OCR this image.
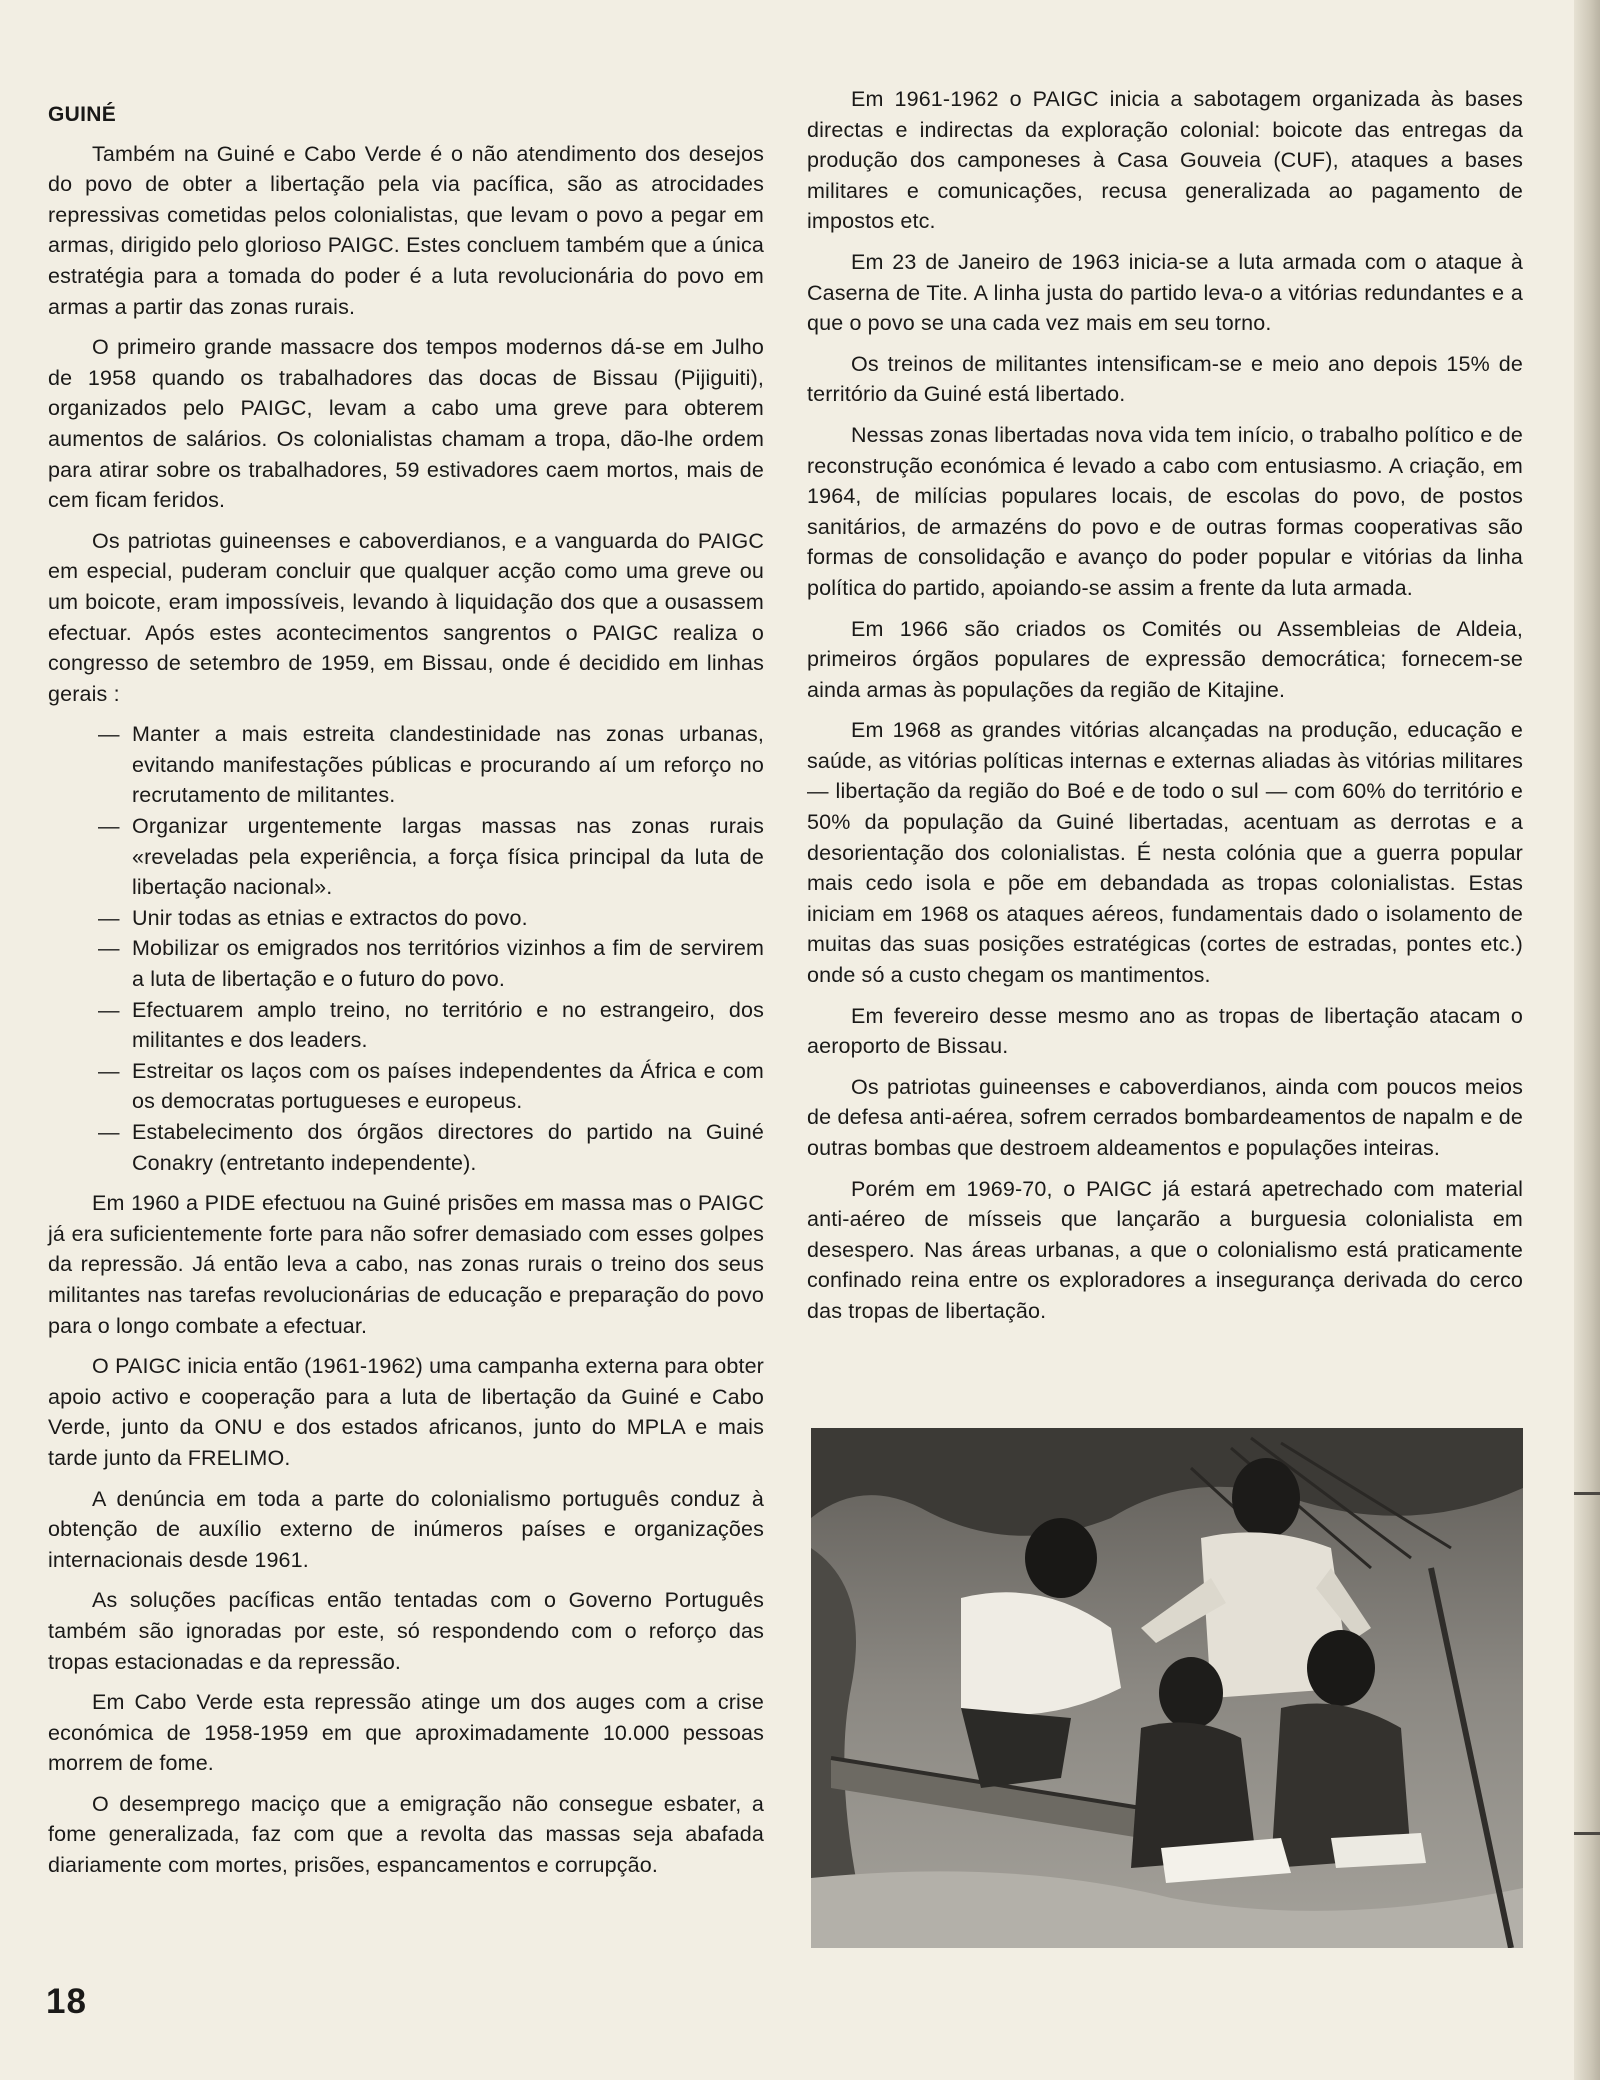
GUINÉ

Também na Guiné e Cabo Verde é o não atendimento dos desejos do povo de obter a libertação pela via pacífica, são as atrocidades repressivas cometidas pelos colonialistas, que levam o povo a pegar em armas, dirigido pelo glorioso PAIGC. Estes concluem também que a única estratégia para a tomada do poder é a luta revolucionária do povo em armas a partir das zonas rurais.

O primeiro grande massacre dos tempos modernos dá-se em Julho de 1958 quando os trabalhadores das docas de Bissau (Pijiguiti), organizados pelo PAIGC, levam a cabo uma greve para obterem aumentos de salários. Os colonialistas chamam a tropa, dão-lhe ordem para atirar sobre os trabalhadores, 59 estivadores caem mortos, mais de cem ficam feridos.

Os patriotas guineenses e caboverdianos, e a vanguarda do PAIGC em especial, puderam concluir que qualquer acção como uma greve ou um boicote, eram impossíveis, levando à liquidação dos que a ousassem efectuar. Após estes acontecimentos sangrentos o PAIGC realiza o congresso de setembro de 1959, em Bissau, onde é decidido em linhas gerais :

— Manter a mais estreita clandestinidade nas zonas urbanas, evitando manifestações públicas e procurando aí um reforço no recrutamento de militantes.
— Organizar urgentemente largas massas nas zonas rurais «reveladas pela experiência, a força física principal da luta de libertação nacional».
— Unir todas as etnias e extractos do povo.
— Mobilizar os emigrados nos territórios vizinhos a fim de servirem a luta de libertação e o futuro do povo.
— Efectuarem amplo treino, no território e no estrangeiro, dos militantes e dos leaders.
— Estreitar os laços com os países independentes da África e com os democratas portugueses e europeus.
— Estabelecimento dos órgãos directores do partido na Guiné Conakry (entretanto independente).

Em 1960 a PIDE efectuou na Guiné prisões em massa mas o PAIGC já era suficientemente forte para não sofrer demasiado com esses golpes da repressão. Já então leva a cabo, nas zonas rurais o treino dos seus militantes nas tarefas revolucionárias de educação e preparação do povo para o longo combate a efectuar.

O PAIGC inicia então (1961-1962) uma campanha externa para obter apoio activo e cooperação para a luta de libertação da Guiné e Cabo Verde, junto da ONU e dos estados africanos, junto do MPLA e mais tarde junto da FRELIMO.

A denúncia em toda a parte do colonialismo português conduz à obtenção de auxílio externo de inúmeros países e organizações internacionais desde 1961.

As soluções pacíficas então tentadas com o Governo Português também são ignoradas por este, só respondendo com o reforço das tropas estacionadas e da repressão.

Em Cabo Verde esta repressão atinge um dos auges com a crise económica de 1958-1959 em que aproximadamente 10.000 pessoas morrem de fome.

O desemprego maciço que a emigração não consegue esbater, a fome generalizada, faz com que a revolta das massas seja abafada diariamente com mortes, prisões, espancamentos e corrupção.

Em 1961-1962 o PAIGC inicia a sabotagem organizada às bases directas e indirectas da exploração colonial: boicote das entregas da produção dos camponeses à Casa Gouveia (CUF), ataques a bases militares e comunicações, recusa generalizada ao pagamento de impostos etc.

Em 23 de Janeiro de 1963 inicia-se a luta armada com o ataque à Caserna de Tite. A linha justa do partido leva-o a vitórias redundantes e a que o povo se una cada vez mais em seu torno.

Os treinos de militantes intensificam-se e meio ano depois 15% de território da Guiné está libertado.

Nessas zonas libertadas nova vida tem início, o trabalho político e de reconstrução económica é levado a cabo com entusiasmo. A criação, em 1964, de milícias populares locais, de escolas do povo, de postos sanitários, de armazéns do povo e de outras formas cooperativas são formas de consolidação e avanço do poder popular e vitórias da linha política do partido, apoiando-se assim a frente da luta armada.

Em 1966 são criados os Comités ou Assembleias de Aldeia, primeiros órgãos populares de expressão democrática; fornecem-se ainda armas às populações da região de Kitajine.

Em 1968 as grandes vitórias alcançadas na produção, educação e saúde, as vitórias políticas internas e externas aliadas às vitórias militares — libertação da região do Boé e de todo o sul — com 60% do território e 50% da população da Guiné libertadas, acentuam as derrotas e a desorientação dos colonialistas. É nesta colónia que a guerra popular mais cedo isola e põe em debandada as tropas colonialistas. Estas iniciam em 1968 os ataques aéreos, fundamentais dado o isolamento de muitas das suas posições estratégicas (cortes de estradas, pontes etc.) onde só a custo chegam os mantimentos.

Em fevereiro desse mesmo ano as tropas de libertação atacam o aeroporto de Bissau.

Os patriotas guineenses e caboverdianos, ainda com poucos meios de defesa anti-aérea, sofrem cerrados bombardeamentos de napalm e de outras bombas que destroem aldeamentos e populações inteiras.

Porém em 1969-70, o PAIGC já estará apetrechado com material anti-aéreo de mísseis que lançarão a burguesia colonialista em desespero. Nas áreas urbanas, a que o colonialismo está praticamente confinado reina entre os exploradores a insegurança derivada do cerco das tropas de libertação.

18
